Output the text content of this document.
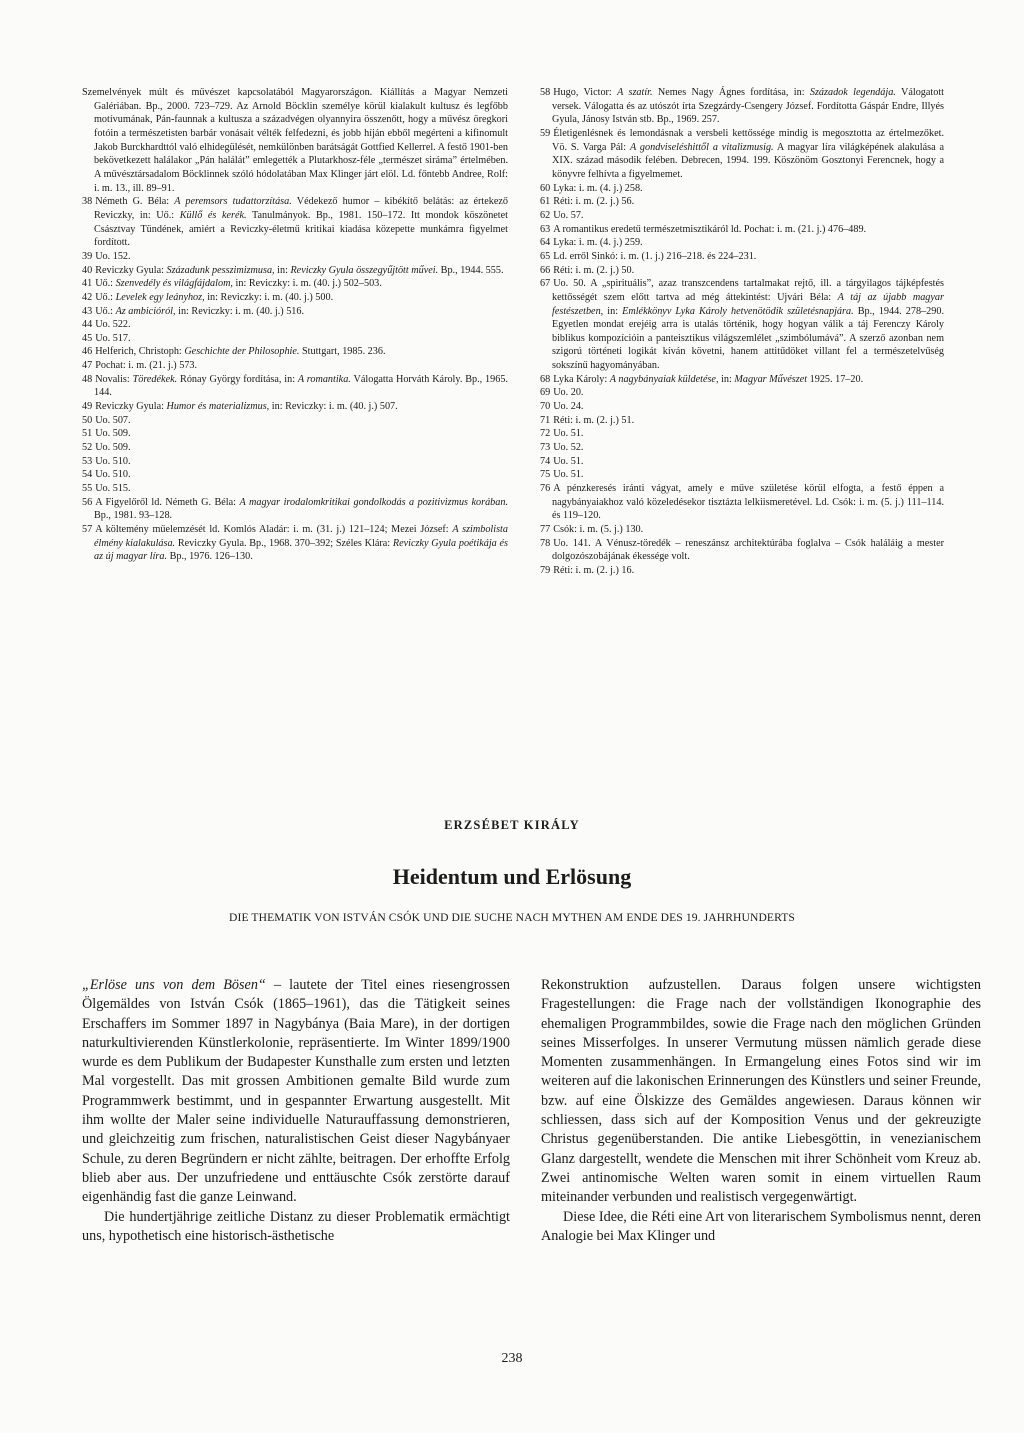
Szemelvények múlt és művészet kapcsolatából Magyarországon. Kiállítás a Magyar Nemzeti Galériában. Bp., 2000. 723–729. Az Arnold Böcklin személye körül kialakult kultusz és legfőbb motívumának, Pán-faunnak a kultusza a századvégen olyannyira összenőtt, hogy a művész öregkori fotóin a természetisten barbár vonásait vélték felfedezni, és jobb híján ebből megérteni a kifinomult Jakob Burckhardttól való elhidegülését, nemkülönben barátságát Gottfied Kellerrel. A festő 1901-ben bekövetkezett halálakor „Pán halálát” emlegették a Plutarkhosz-féle „természet siráma” értelmében. A művésztársadalom Böcklinnek szóló hódolatában Max Klinger járt elöl. Ld. főntebb Andree, Rolf: i. m. 13., ill. 89–91.
38 Németh G. Béla: A peremsors tudattorzítása. Védekező humor – kibékítő belátás: az értekező Reviczky, in: Uő.: Küllő és kerék. Tanulmányok. Bp., 1981. 150–172. Itt mondok köszönetet Császtvay Tündének, amiért a Reviczky-életmű kritikai kiadása közepette munkámra figyelmet fordított.
39 Uo. 152.
40 Reviczky Gyula: Századunk pesszimizmusa, in: Reviczky Gyula összegyűjtött művei. Bp., 1944. 555.
41 Uő.: Szenvedély és világfájdalom, in: Reviczky: i. m. (40. j.) 502–503.
42 Uő.: Levelek egy leányhoz, in: Reviczky: i. m. (40. j.) 500.
43 Uő.: Az ambicióról, in: Reviczky: i. m. (40. j.) 516.
44 Uo. 522.
45 Uo. 517.
46 Helferich, Christoph: Geschichte der Philosophie. Stuttgart, 1985. 236.
47 Pochat: i. m. (21. j.) 573.
48 Novalis: Töredékek. Rónay György fordítása, in: A romantika. Válogatta Horváth Károly. Bp., 1965. 144.
49 Reviczky Gyula: Humor és materializmus, in: Reviczky: i. m. (40. j.) 507.
50 Uo. 507.
51 Uo. 509.
52 Uo. 509.
53 Uo. 510.
54 Uo. 510.
55 Uo. 515.
56 A Figyelőről ld. Németh G. Béla: A magyar irodalomkritikai gondolkodás a pozitivizmus korában. Bp., 1981. 93–128.
57 A költemény műelemzését ld. Komlós Aladár: i. m. (31. j.) 121–124; Mezei József: A szimbolista élmény kialakulása. Reviczky Gyula. Bp., 1968. 370–392; Széles Klára: Reviczky Gyula poétikája és az új magyar líra. Bp., 1976. 126–130.
58 Hugo, Victor: A szatír. Nemes Nagy Ágnes fordítása, in: Századok legendája. Válogatott versek. Válogatta és az utószót írta Szegzárdy-Csengery József. Fordította Gáspár Endre, Illyés Gyula, Jánosy István stb. Bp., 1969. 257.
59 Életigenlésnek és lemondásnak a versbeli kettőssége mindig is megosztotta az értelmezőket. Vö. S. Varga Pál: A gondviseléshittől a vitalizmusig. A magyar líra világképének alakulása a XIX. század második felében. Debrecen, 1994. 199. Köszönöm Gosztonyi Ferencnek, hogy a könyvre felhívta a figyelmemet.
60 Lyka: i. m. (4. j.) 258.
61 Réti: i. m. (2. j.) 56.
62 Uo. 57.
63 A romantikus eredetű természetmisztikáról ld. Pochat: i. m. (21. j.) 476–489.
64 Lyka: i. m. (4. j.) 259.
65 Ld. erről Sinkó: i. m. (1. j.) 216–218. és 224–231.
66 Réti: i. m. (2. j.) 50.
67 Uo. 50. A „spirituális”, azaz transzcendens tartalmakat rejtő, ill. a tárgyilagos tájképfestés kettősségét szem előtt tartva ad még áttekintést: Ujvári Béla: A táj az újabb magyar festészetben, in: Emlékkönyv Lyka Károly hetvenötödik születésnapjára. Bp., 1944. 278–290. Egyetlen mondat erejéig arra is utalás történik, hogy hogyan válik a táj Ferenczy Károly biblikus kompozícióin a panteisztikus világszemlélet „szimbólumává”. A szerző azonban nem szigorú történeti logikát kíván követni, hanem attitűdöket villant fel a természetelvűség sokszínű hagyományában.
68 Lyka Károly: A nagybányaiak küldetése, in: Magyar Művészet 1925. 17–20.
69 Uo. 20.
70 Uo. 24.
71 Réti: i. m. (2. j.) 51.
72 Uo. 51.
73 Uo. 52.
74 Uo. 51.
75 Uo. 51.
76 A pénzkeresés iránti vágyat, amely e műve születése körül elfogta, a festő éppen a nagybányaiakhoz való közeledésekor tisztázta lelkiismeretével. Ld. Csók: i. m. (5. j.) 111–114. és 119–120.
77 Csók: i. m. (5. j.) 130.
78 Uo. 141. A Vénusz-töredék – reneszánsz architektúrába foglalva – Csók haláláig a mester dolgozószobájának ékessége volt.
79 Réti: i. m. (2. j.) 16.
ERZSÉBET KIRÁLY
Heidentum und Erlösung
DIE THEMATIK VON ISTVÁN CSÓK UND DIE SUCHE NACH MYTHEN AM ENDE DES 19. JAHRHUNDERTS

„Erlöse uns von dem Bösen“ – lautete der Titel eines riesengrossen Ölgemäldes von István Csók (1865–1961), das die Tätigkeit seines Erschaffers im Sommer 1897 in Nagybánya (Baia Mare), in der dortigen naturkultivierenden Künstlerkolonie, repräsentierte. Im Winter 1899/1900 wurde es dem Publikum der Budapester Kunsthalle zum ersten und letzten Mal vorgestellt. Das mit grossen Ambitionen gemalte Bild wurde zum Programmwerk bestimmt, und in gespannter Erwartung ausgestellt. Mit ihm wollte der Maler seine individuelle Naturauffassung demonstrieren, und gleichzeitig zum frischen, naturalistischen Geist dieser Nagybányaer Schule, zu deren Begründern er nicht zählte, beitragen. Der erhoffte Erfolg blieb aber aus. Der unzufriedene und enttäuschte Csók zerstörte darauf eigenhändig fast die ganze Leinwand.

Die hundertjährige zeitliche Distanz zu dieser Problematik ermächtigt uns, hypothetisch eine historisch-ästhetische

Rekonstruktion aufzustellen. Daraus folgen unsere wichtigsten Fragestellungen: die Frage nach der vollständigen Ikonographie des ehemaligen Programmbildes, sowie die Frage nach den möglichen Gründen seines Misserfolges. In unserer Vermutung müssen nämlich gerade diese Momenten zusammenhängen. In Ermangelung eines Fotos sind wir im weiteren auf die lakonischen Erinnerungen des Künstlers und seiner Freunde, bzw. auf eine Ölskizze des Gemäldes angewiesen. Daraus können wir schliessen, dass sich auf der Komposition Venus und der gekreuzigte Christus gegenüberstanden. Die antike Liebesgöttin, in venezianischem Glanz dargestellt, wendete die Menschen mit ihrer Schönheit vom Kreuz ab. Zwei antinomische Welten waren somit in einem virtuellen Raum miteinander verbunden und realistisch vergegenwärtigt.

Diese Idee, die Réti eine Art von literarischem Symbolismus nennt, deren Analogie bei Max Klinger und

238
